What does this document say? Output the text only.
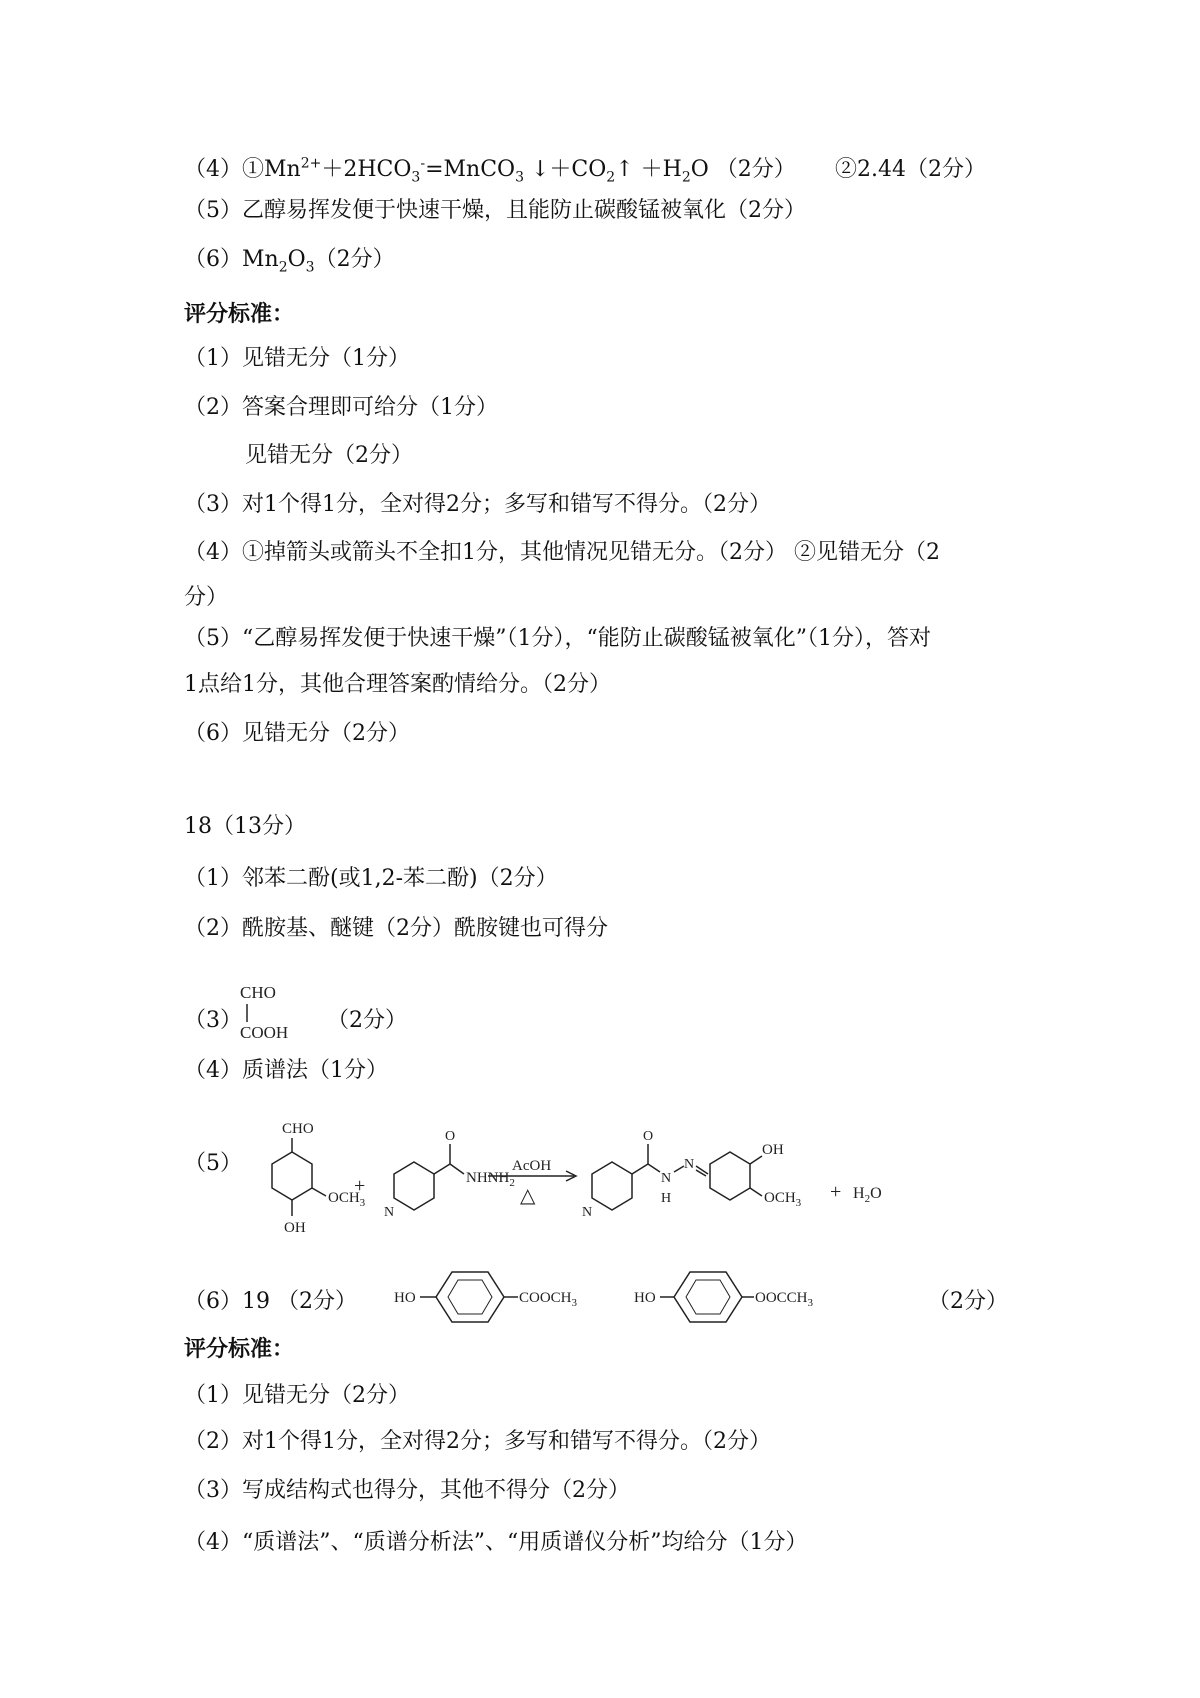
$(4)①Mn^{2+}+2HCO_3^-=MnCO_3$ $↓+CO_2↑ +H_2O$ （2分） ②2.44（2分）
（5）乙醇易挥发便于快速干燥，且能防止碳酸锰被氧化（2分）
$(6)Mn_2O_3(2$分）
评分标准：
（1）见错无分（1分）
（2）答案合理即可给分（1分）
见错无分（2分）
（3）对1个得1分，全对得2分；多写和错写不得分。（2分）
（4）①掉箭头或箭头不全扣1分，其他情况见错无分。（2分） ②见错无分（2
分）
（5）“乙醇易挥发便于快速干燥”（1分），“能防止碳酸锰被氧化”（1分），答对
1点给1分，其他合理答案酌情给分。（2分）
（6）见错无分（2分）
18（13分）
（1）邻苯二酚(或1,2-苯二酚)（2分）
（2）酰胺基、醚键（2分）酰胺键也可得分
（3）
CHO
COOH （2分）
（4）质谱法（1分）
（5）
CHO
$OCH_3$
OH
+
N
O
$NHNH_2$
AcOH
△
N
O
N
H
N
OH
$OCH_3 + H_2O$
（6）19 （2分） HO	$COOCH_3$	HO	$OOCCH_3$	（2分）
评分标准：
（1）见错无分（2分）
（2）对1个得1分，全对得2分；多写和错写不得分。（2分）
（3）写成结构式也得分，其他不得分（2分）
（4）“质谱法”、“质谱分析法”、“用质谱仪分析”均给分（1分）
